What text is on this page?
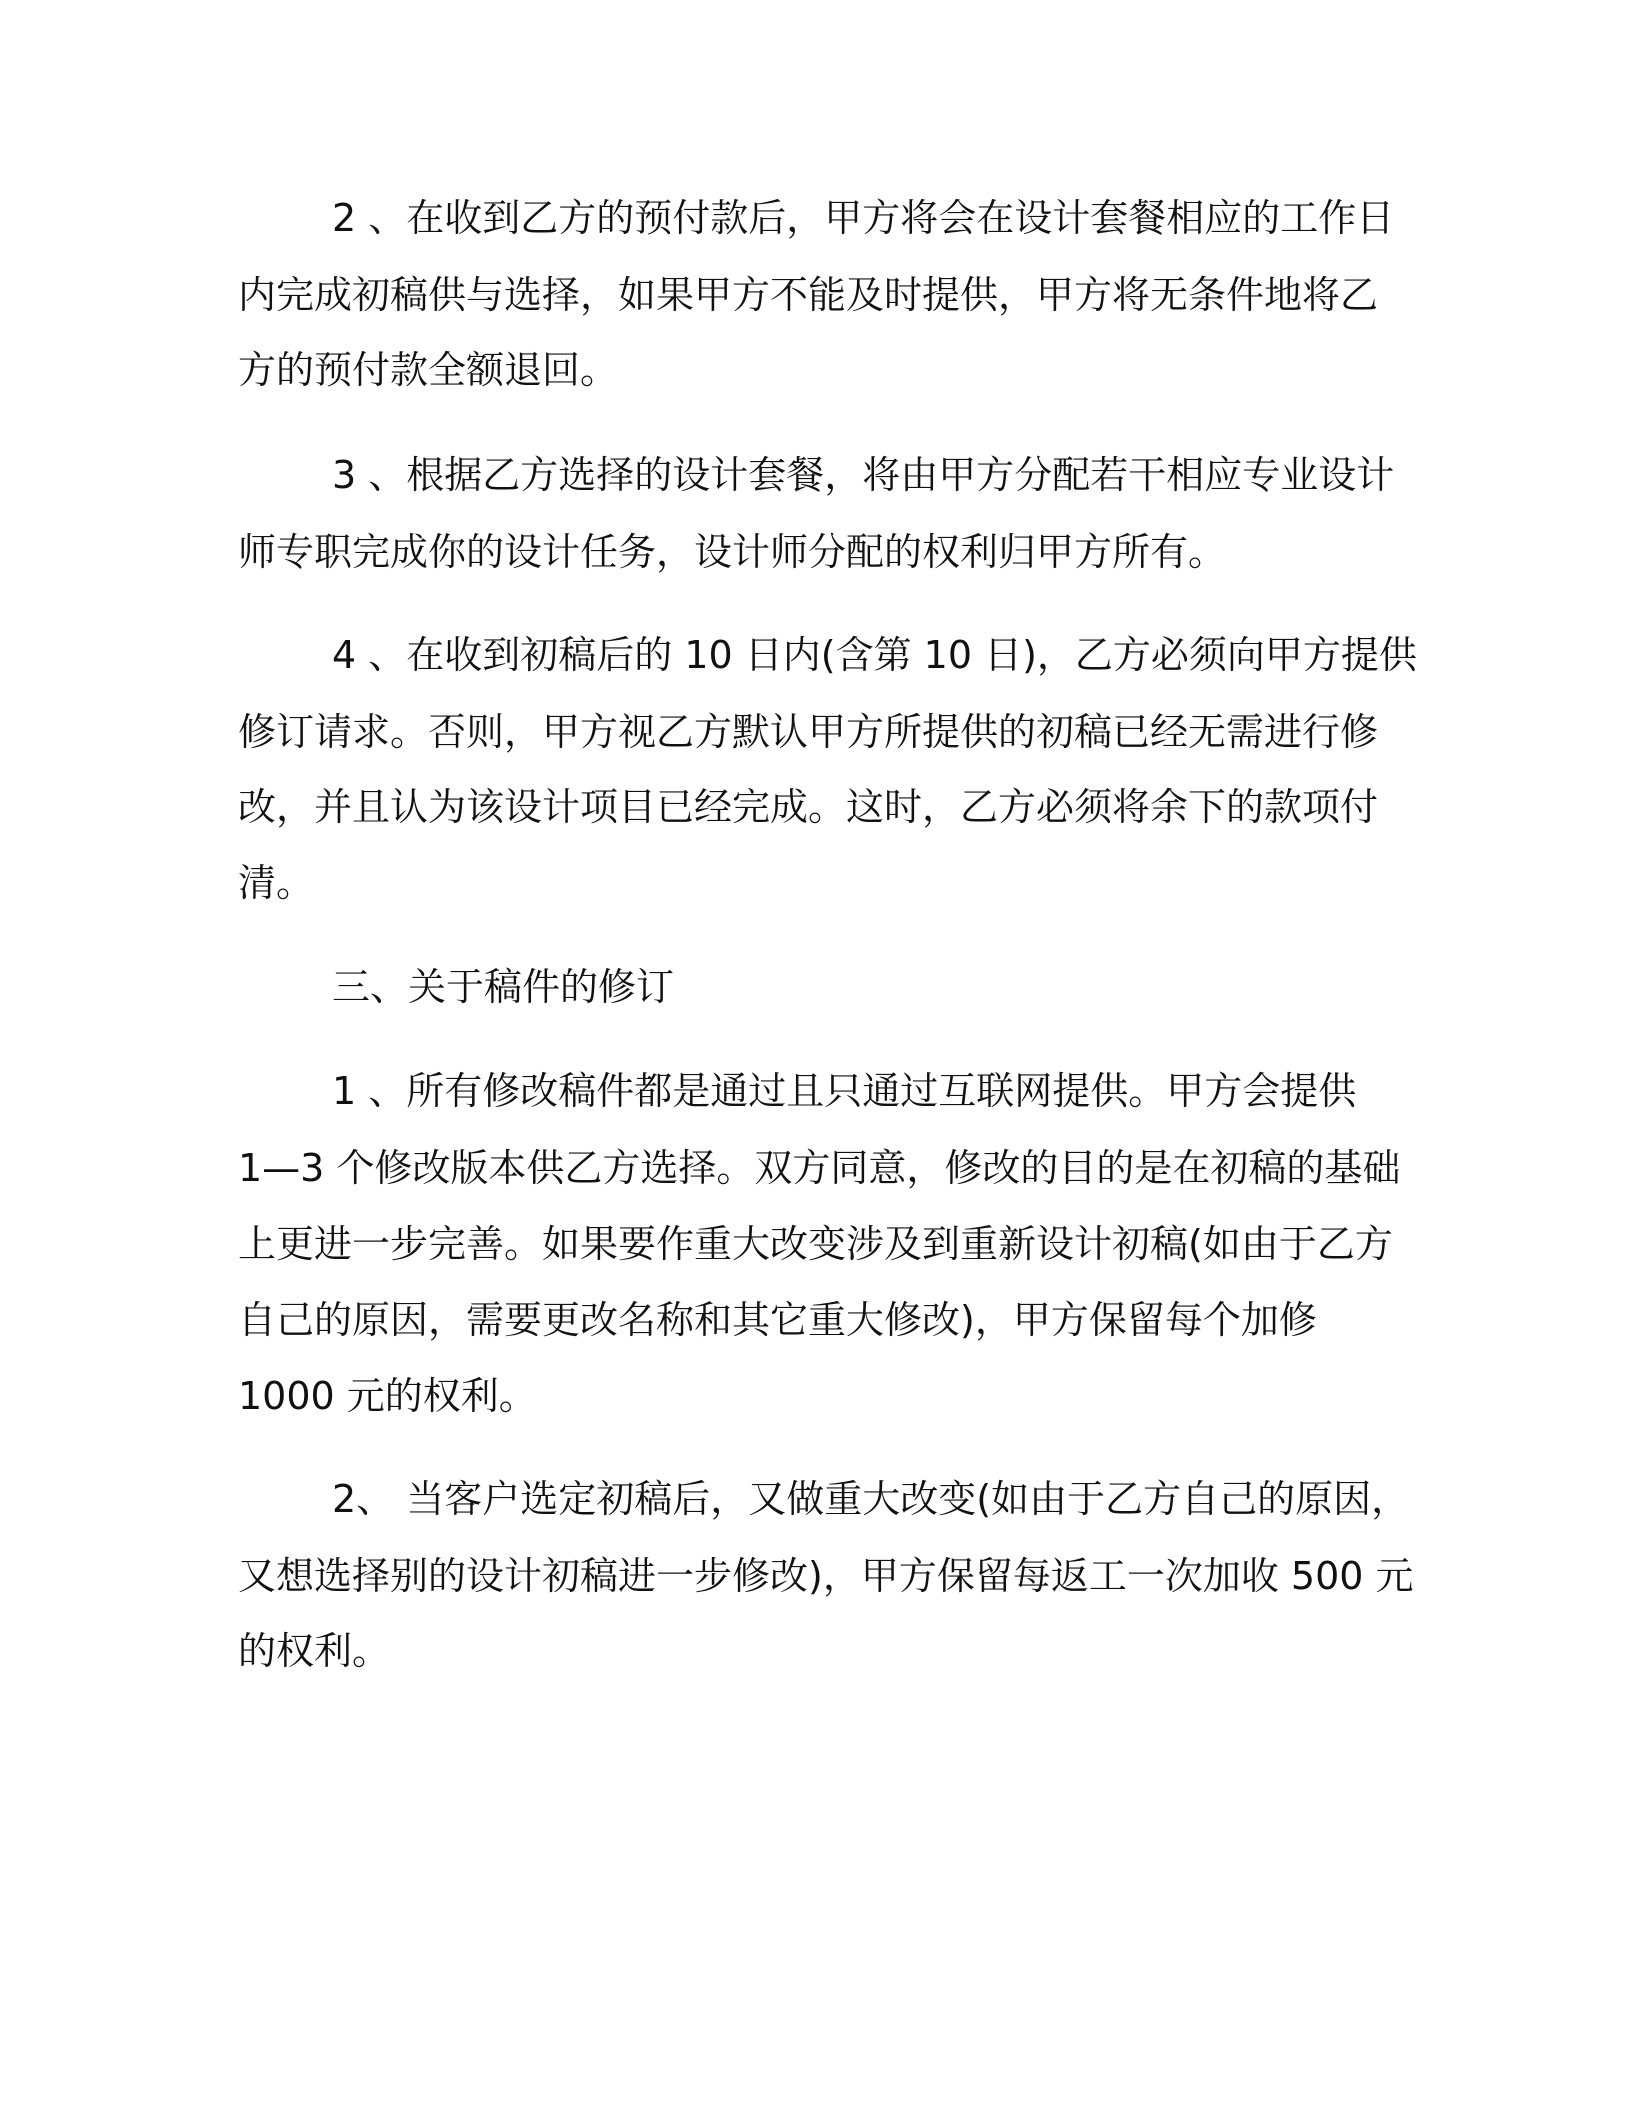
2 、在收到乙方的预付款后，甲方将会在设计套餐相应的工作日

内完成初稿供与选择，如果甲方不能及时提供，甲方将无条件地将乙

方的预付款全额退回。

3 、根据乙方选择的设计套餐，将由甲方分配若干相应专业设计

师专职完成你的设计任务，设计师分配的权利归甲方所有。

4 、在收到初稿后的 10 日内(含第 10 日)，乙方必须向甲方提供

修订请求。否则，甲方视乙方默认甲方所提供的初稿已经无需进行修

改，并且认为该设计项目已经完成。这时，乙方必须将余下的款项付

清。

三、关于稿件的修订

1 、所有修改稿件都是通过且只通过互联网提供。甲方会提供

1—3 个修改版本供乙方选择。双方同意，修改的目的是在初稿的基础

上更进一步完善。如果要作重大改变涉及到重新设计初稿(如由于乙方

自己的原因，需要更改名称和其它重大修改)，甲方保留每个加修

1000 元的权利。

2、 当客户选定初稿后，又做重大改变(如由于乙方自己的原因，

又想选择别的设计初稿进一步修改)，甲方保留每返工一次加收 500 元

的权利。
